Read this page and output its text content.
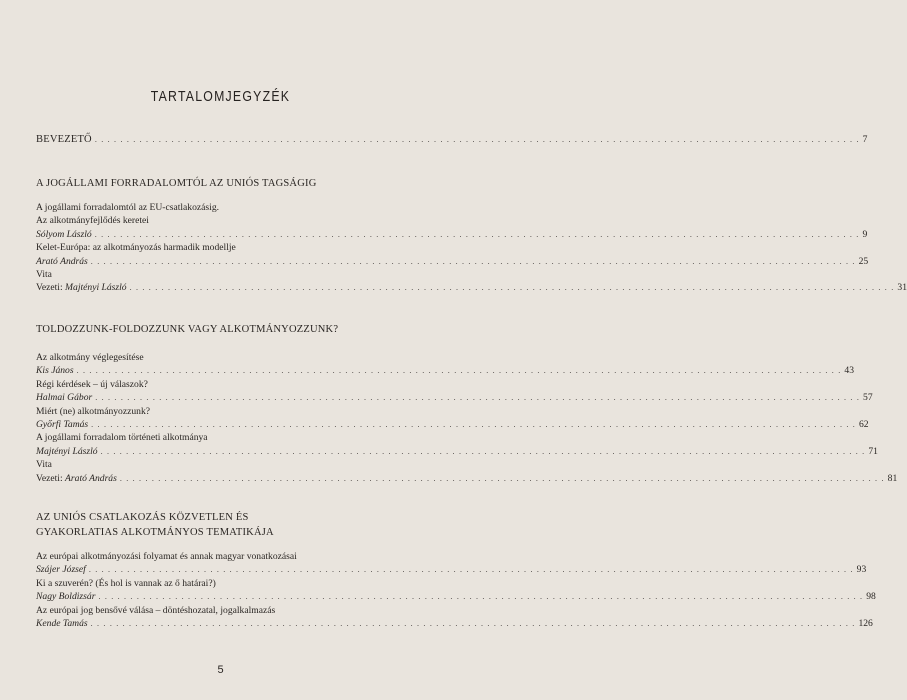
TARTALOMJEGYZÉK
BEVEZETŐ . . . . . . . . . . . . . . . . . . . . . . . . . . . . . . . . . . . . . . . . . . . . . . . . . . . . . . . . . . . . . . . . . . . . . . . . . . . . . . . . . . . . . . . . . . . . . . . . . . . . . . . . . . . . . . . . . . . . . . . . 7
A JOGÁLLAMI FORRADALOMTÓL AZ UNIÓS TAGSÁGIG
A jogállami forradalomtól az EU-csatlakozásig.
Az alkotmányfejlődés keretei
Sólyom László . . . . . . . . . . . . . . . . . . . . . . . . . . . . . . . . . . . . . . . . . . . . . . . . . . . . . . . . . . . . . . . . . . . . . . . . . . . . . . . . . . . . . . . . . . . . . . . . . . . . . . . . . . . . . . . . . . . . . . . . 9
Kelet-Európa: az alkotmányozás harmadik modellje
Arató András . . . . . . . . . . . . . . . . . . . . . . . . . . . . . . . . . . . . . . . . . . . . . . . . . . . . . . . . . . . . . . . . . . . . . . . . . . . . . . . . . . . . . . . . . . . . . . . . . . . . . . . . . . . . . . . . . . . . . . . . 25
Vita
Vezeti: Majtényi László . . . . . . . . . . . . . . . . . . . . . . . . . . . . . . . . . . . . . . . . . . . . . . . . . . . . . . . . . . . . . . . . . . . . . . . . . . . . . . . . . . . . . . . . . . . . . . . . . . . . . . . . . . . . . . . . . . . . . . . . 31
TOLDOZZUNK-FOLDOZZUNK VAGY ALKOTMÁNYOZZUNK?
Az alkotmány véglegesítése
Kis János . . . . . . . . . . . . . . . . . . . . . . . . . . . . . . . . . . . . . . . . . . . . . . . . . . . . . . . . . . . . . . . . . . . . . . . . . . . . . . . . . . . . . . . . . . . . . . . . . . . . . . . . . . . . . . . . . . . . . . . . 43
Régi kérdések – új válaszok?
Halmai Gábor . . . . . . . . . . . . . . . . . . . . . . . . . . . . . . . . . . . . . . . . . . . . . . . . . . . . . . . . . . . . . . . . . . . . . . . . . . . . . . . . . . . . . . . . . . . . . . . . . . . . . . . . . . . . . . . . . . . . . . . . 57
Miért (ne) alkotmányozzunk?
Győrfi Tamás . . . . . . . . . . . . . . . . . . . . . . . . . . . . . . . . . . . . . . . . . . . . . . . . . . . . . . . . . . . . . . . . . . . . . . . . . . . . . . . . . . . . . . . . . . . . . . . . . . . . . . . . . . . . . . . . . . . . . . . . 62
A jogállami forradalom történeti alkotmánya
Majtényi László . . . . . . . . . . . . . . . . . . . . . . . . . . . . . . . . . . . . . . . . . . . . . . . . . . . . . . . . . . . . . . . . . . . . . . . . . . . . . . . . . . . . . . . . . . . . . . . . . . . . . . . . . . . . . . . . . . . . . . . . 71
Vita
Vezeti: Arató András . . . . . . . . . . . . . . . . . . . . . . . . . . . . . . . . . . . . . . . . . . . . . . . . . . . . . . . . . . . . . . . . . . . . . . . . . . . . . . . . . . . . . . . . . . . . . . . . . . . . . . . . . . . . . . . . . . . . . . . . 81
AZ UNIÓS CSATLAKOZÁS KÖZVETLEN ÉS
GYAKORLATIAS ALKOTMÁNYOS TEMATIKÁJA
Az európai alkotmányozási folyamat és annak magyar vonatkozásai
Szájer József . . . . . . . . . . . . . . . . . . . . . . . . . . . . . . . . . . . . . . . . . . . . . . . . . . . . . . . . . . . . . . . . . . . . . . . . . . . . . . . . . . . . . . . . . . . . . . . . . . . . . . . . . . . . . . . . . . . . . . . . 93
Ki a szuverén? (És hol is vannak az ő határai?)
Nagy Boldizsár . . . . . . . . . . . . . . . . . . . . . . . . . . . . . . . . . . . . . . . . . . . . . . . . . . . . . . . . . . . . . . . . . . . . . . . . . . . . . . . . . . . . . . . . . . . . . . . . . . . . . . . . . . . . . . . . . . . . . . . . 98
Az európai jog bensővé válása – döntéshozatal, jogalkalmazás
Kende Tamás . . . . . . . . . . . . . . . . . . . . . . . . . . . . . . . . . . . . . . . . . . . . . . . . . . . . . . . . . . . . . . . . . . . . . . . . . . . . . . . . . . . . . . . . . . . . . . . . . . . . . . . . . . . . . . . . . . . . . . . . 126
5
